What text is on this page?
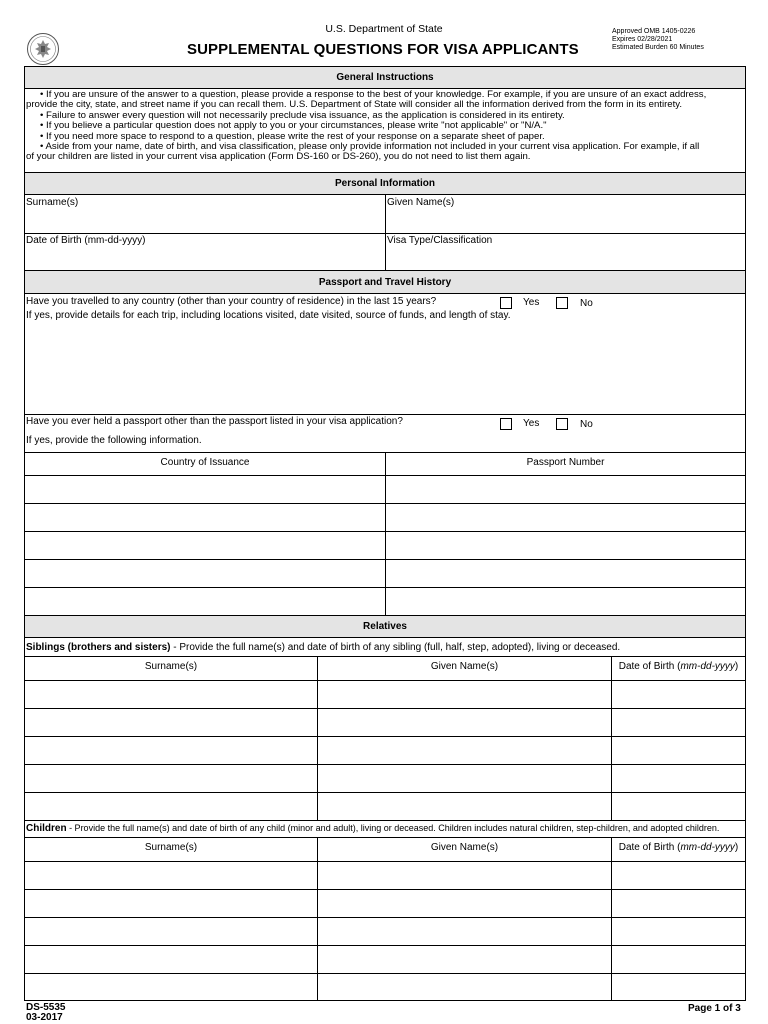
U.S. Department of State
SUPPLEMENTAL QUESTIONS FOR VISA APPLICANTS
Approved OMB 1405-0226
Expires 02/28/2021
Estimated Burden 60 Minutes
General Instructions

• If you are unsure of the answer to a question, please provide a response to the best of your knowledge. For example, if you are unsure of an exact address,

provide the city, state, and street name if you can recall them. U.S. Department of State will consider all the information derived from the form in its entirety.

• Failure to answer every question will not necessarily preclude visa issuance, as the application is considered in its entirety.

• If you believe a particular question does not apply to you or your circumstances, please write "not applicable" or "N/A."

• If you need more space to respond to a question, please write the rest of your response on a separate sheet of paper.

• Aside from your name, date of birth, and visa classification, please only provide information not included in your current visa application. For example, if all

of your children are listed in your current visa application (Form DS-160 or DS-260), you do not need to list them again.

Personal Information
Surname(s)	Given Name(s)
Date of Birth (mm-dd-yyyy)	Visa Type/Classification
Passport and Travel History
Have you travelled to any country (other than your country of residence) in the last 15 years?	Yes	No
If yes, provide details for each trip, including locations visited, date visited, source of funds, and length of stay.
Have you ever held a passport other than the passport listed in your visa application?	Yes	No
If yes, provide the following information.
Country of Issuance	Passport Number
Relatives
Siblings (brothers and sisters) - Provide the full name(s) and date of birth of any sibling (full, half, step, adopted), living or deceased.
Surname(s)	Given Name(s)	Date of Birth (mm-dd-yyyy)
Children - Provide the full name(s) and date of birth of any child (minor and adult), living or deceased. Children includes natural children, step-children, and adopted children.
Surname(s)	Given Name(s)	Date of Birth (mm-dd-yyyy)
DS-5535
03-2017
Page 1 of 3
